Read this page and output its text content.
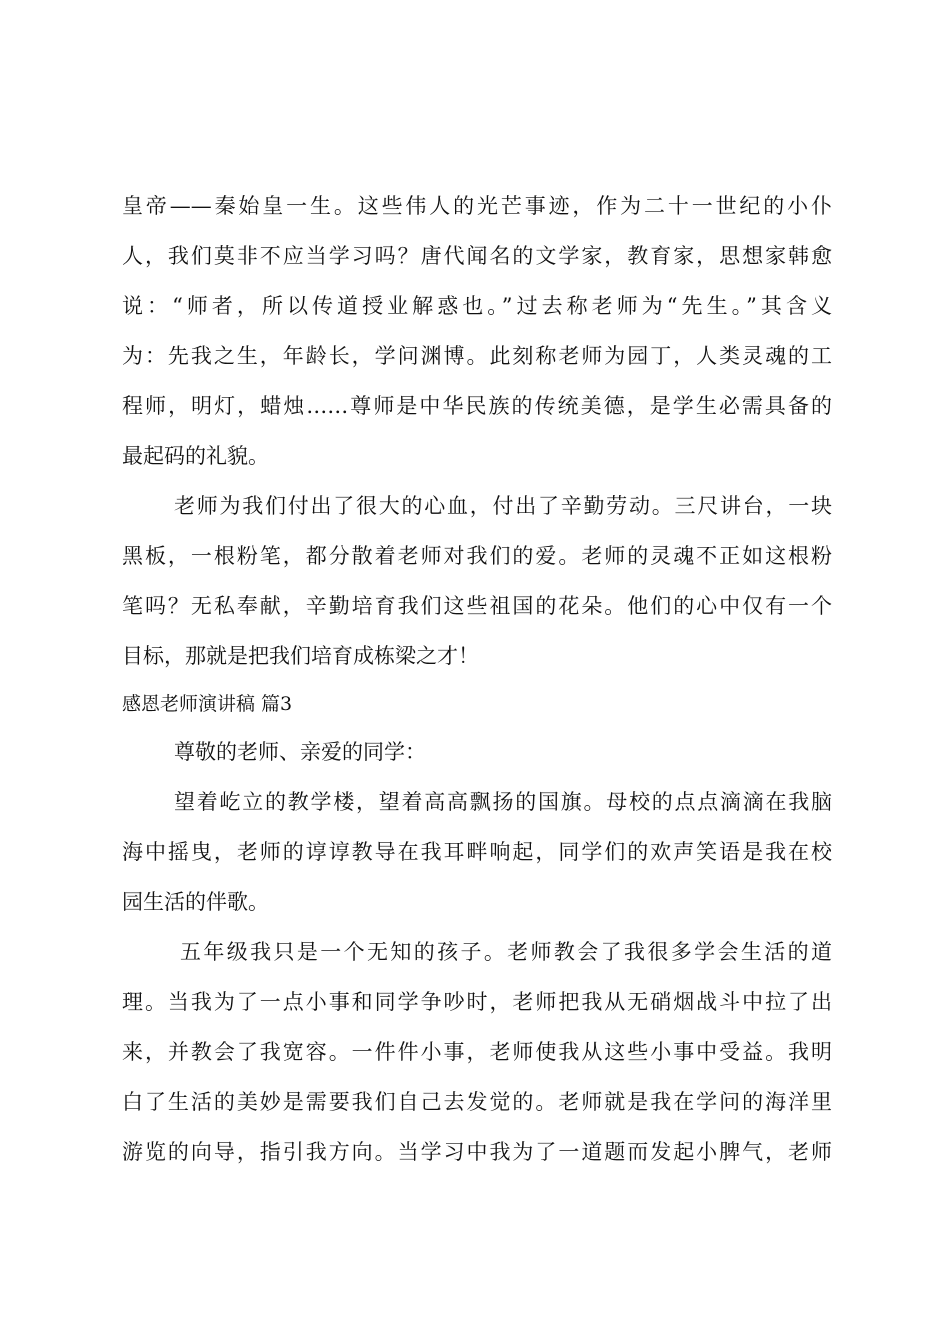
皇帝——秦始皇一生。这些伟人的光芒事迹，作为二十一世纪的小仆
人，我们莫非不应当学习吗？唐代闻名的文学家，教育家，思想家韩愈
说：“师者，所以传道授业解惑也。”过去称老师为“先生。”其含义
为：先我之生，年龄长，学问渊博。此刻称老师为园丁，人类灵魂的工
程师，明灯，蜡烛……尊师是中华民族的传统美德，是学生必需具备的
最起码的礼貌。
老师为我们付出了很大的心血，付出了辛勤劳动。三尺讲台，一块
黑板，一根粉笔，都分散着老师对我们的爱。老师的灵魂不正如这根粉
笔吗？无私奉献，辛勤培育我们这些祖国的花朵。他们的心中仅有一个
目标，那就是把我们培育成栋梁之才！
感恩老师演讲稿 篇3
尊敬的老师、亲爱的同学：
望着屹立的教学楼，望着高高飘扬的国旗。母校的点点滴滴在我脑
海中摇曳，老师的谆谆教导在我耳畔响起，同学们的欢声笑语是我在校
园生活的伴歌。
五年级我只是一个无知的孩子。老师教会了我很多学会生活的道
理。当我为了一点小事和同学争吵时，老师把我从无硝烟战斗中拉了出
来，并教会了我宽容。一件件小事，老师使我从这些小事中受益。我明
白了生活的美妙是需要我们自己去发觉的。老师就是我在学问的海洋里
游览的向导，指引我方向。当学习中我为了一道题而发起小脾气，老师
